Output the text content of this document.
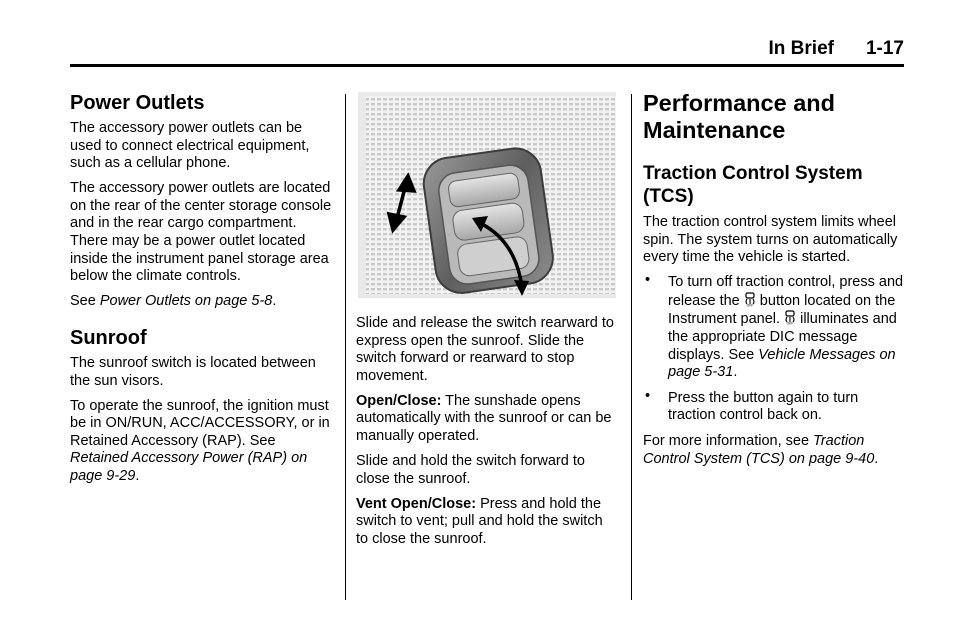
In Brief 1-17
Power Outlets

The accessory power outlets can be used to connect electrical equipment, such as a cellular phone.

The accessory power outlets are located on the rear of the center storage console and in the rear cargo compartment. There may be a power outlet located inside the instrument panel storage area below the climate controls.

See Power Outlets on page 5-8.

Sunroof

The sunroof switch is located between the sun visors.

To operate the sunroof, the ignition must be in ON/RUN, ACC/ACCESSORY, or in Retained Accessory (RAP). See Retained Accessory Power (RAP) on page 9-29.

Slide and release the switch rearward to express open the sunroof. Slide the switch forward or rearward to stop movement.

Open/Close: The sunshade opens automatically with the sunroof or can be manually operated.

Slide and hold the switch forward to close the sunroof.

Vent Open/Close: Press and hold the switch to vent; pull and hold the switch to close the sunroof.

Performance and Maintenance
Traction Control System (TCS)

The traction control system limits wheel spin. The system turns on automatically every time the vehicle is started.

• To turn off traction control, press and release the OFF button located on the Instrument panel. OFF illuminates and the appropriate DIC message displays. See Vehicle Messages on page 5-31.
• Press the button again to turn traction control back on.

For more information, see Traction Control System (TCS) on page 9-40.
